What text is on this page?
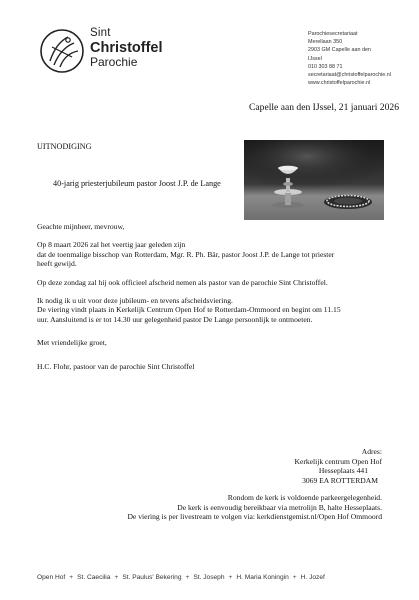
Sint
Christoffel
Parochie
Parochiesecretariaat
Merellaan 350
2903 GM Capelle aan den IJssel
010 303 88 71
secretariaat@christoffelparochie.nl
www.christoffelparochie.nl
Capelle aan den IJssel, 21 januari 2026
UITNODIGING
40-jarig priesterjubileum pastor Joost J.P. de Lange

Geachte mijnheer, mevrouw,

Op 8 maart 2026 zal het veertig jaar geleden zijn

dat de toenmalige bisschop van Rotterdam, Mgr. R. Ph. Bär, pastor Joost J.P. de Lange tot priester

heeft gewijd.

Op deze zondag zal hij ook officieel afscheid nemen als pastor van de parochie Sint Christoffel.

Ik nodig ik u uit voor deze jubileum- en tevens afscheidsviering.

De viering vindt plaats in Kerkelijk Centrum Open Hof te Rotterdam-Ommoord en begint om 11.15

uur. Aansluitend is er tot 14.30 uur gelegenheid pastor De Lange persoonlijk te ontmoeten.

Met vriendelijke groet,

H.C. Flohr, pastoor van de parochie Sint Christoffel

Adres:
Kerkelijk centrum Open Hof
Hesseplaats 441
3069 EA ROTTERDAM
Rondom de kerk is voldoende parkeergelegenheid.
De kerk is eenvoudig bereikbaar via metrolijn B, halte Hesseplaats.
De viering is per livestream te volgen via: kerkdienstgemist.nl/Open Hof Ommoord
Open Hof + St. Caecilia + St. Paulus' Bekering + St. Joseph + H. Maria Koningin + H. Jozef
